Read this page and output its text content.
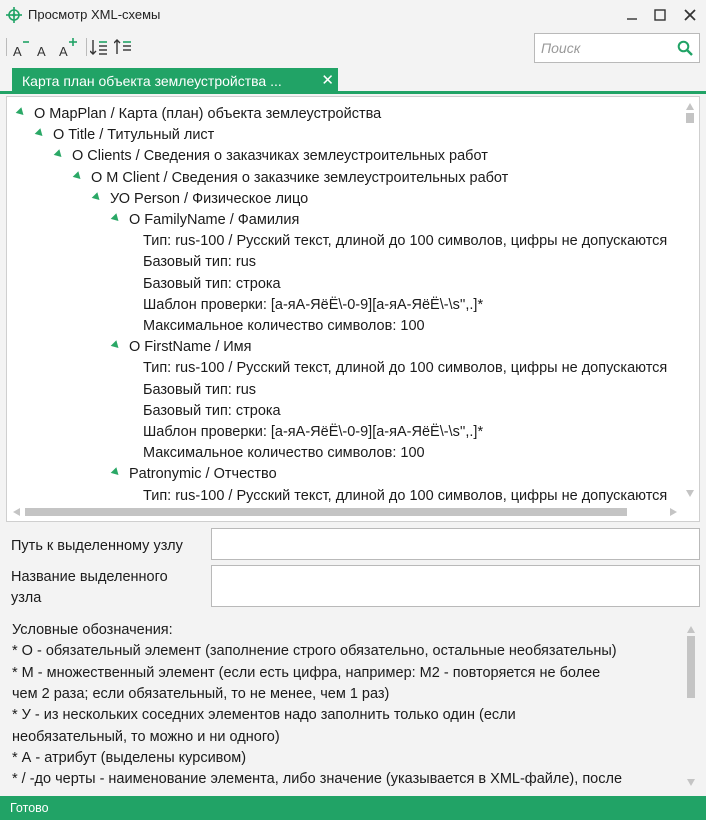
Просмотр XML-схемы
A A A
Поиск
Карта план объекта землеустройства ...	✕
О MapPlan / Карта (план) объекта землеустройства
О Title / Титульный лист
О Clients / Сведения о заказчиках землеустроительных работ
О М Client / Сведения о заказчике землеустроительных работ
УО Person / Физическое лицо
О FamilyName / Фамилия
Тип: rus-100 / Русский текст, длиной до 100 символов, цифры не допускаются
Базовый тип: rus
Базовый тип: строка
Шаблон проверки: [а-яА-ЯёЁ\-0-9][а-яА-ЯёЁ\-\s'',.]*
Максимальное количество символов: 100
О FirstName / Имя
Тип: rus-100 / Русский текст, длиной до 100 символов, цифры не допускаются
Базовый тип: rus
Базовый тип: строка
Шаблон проверки: [а-яА-ЯёЁ\-0-9][а-яА-ЯёЁ\-\s'',.]*
Максимальное количество символов: 100
Patronymic / Отчество
Тип: rus-100 / Русский текст, длиной до 100 символов, цифры не допускаются
Путь к выделенному узлу
Название выделенного
узла
Условные обозначения:
* О - обязательный элемент (заполнение строго обязательно, остальные необязательны)
* М - множественный элемент (если есть цифра, например: М2 - повторяется не более
чем 2 раза; если обязательный, то не менее, чем 1 раз)
* У - из нескольких соседних элементов надо заполнить только один (если
необязательный, то можно и ни одного)
* А - атрибут (выделены курсивом)
* / -до черты - наименование элемента, либо значение (указывается в XML-файле), после
Готово
